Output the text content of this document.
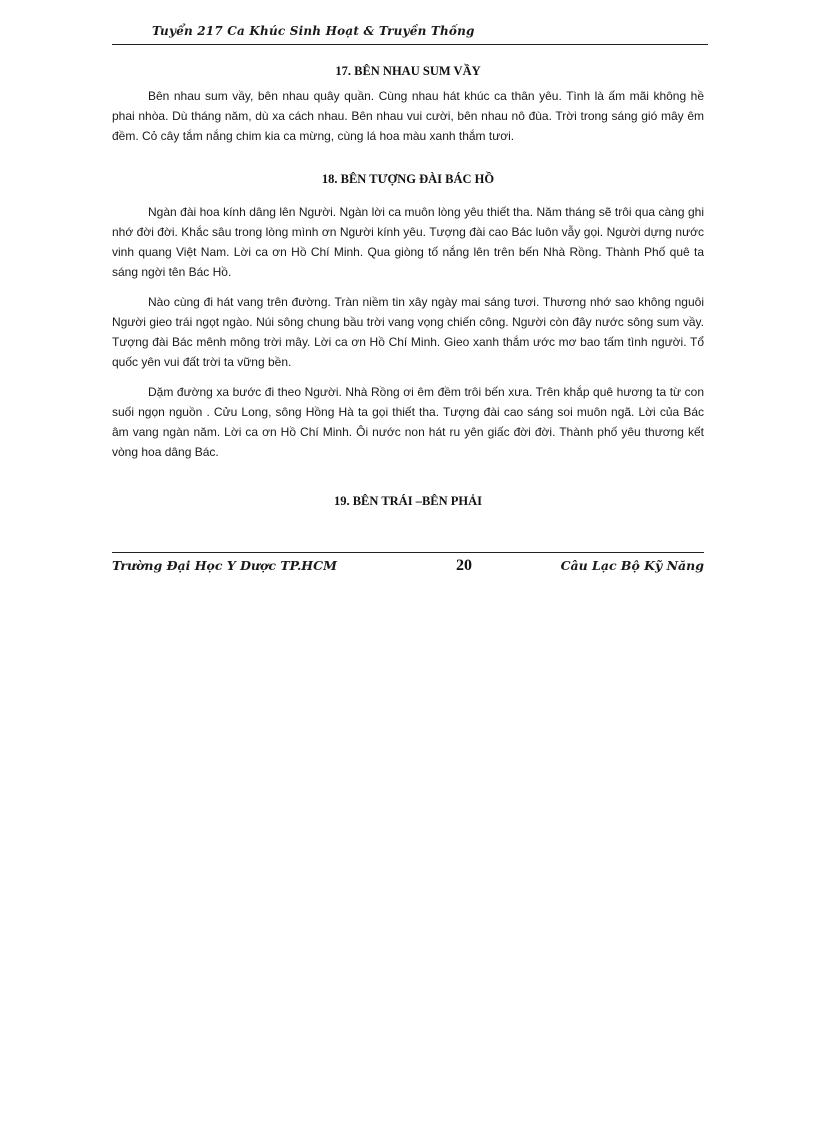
Tuyển 217 Ca Khúc Sinh Hoạt & Truyền Thống
17. BÊN NHAU SUM VẦY

Bên nhau sum vầy, bên nhau quây quần. Cùng nhau hát khúc ca thân yêu. Tình là ấm mãi không hề phai nhòa. Dù tháng năm, dù xa cách nhau. Bên nhau vui cười, bên nhau nô đùa. Trời trong sáng gió mây êm đềm. Cỏ cây tắm nắng chim kia ca mừng, cùng lá hoa màu xanh thắm tươi.

18. BÊN TƯỢNG ĐÀI BÁC HỒ

Ngàn đài hoa kính dâng lên Người. Ngàn lời ca muôn lòng yêu thiết tha. Năm tháng sẽ trôi qua càng ghi nhớ đời đời. Khắc sâu trong lòng mình ơn Người kính yêu. Tượng đài cao Bác luôn vẫy gọi. Người dựng nước vinh quang Việt Nam. Lời ca ơn Hồ Chí Minh. Qua giòng tố nắng lên trên bến Nhà Rồng. Thành Phố quê ta sáng ngời tên Bác Hồ.

Nào cùng đi hát vang trên đường. Tràn niềm tin xây ngày mai sáng tươi. Thương nhớ sao không nguôi Người gieo trái ngọt ngào. Núi sông chung bầu trời vang vọng chiến công. Người còn đây nước sông sum vầy. Tượng đài Bác mênh mông trời mây. Lời ca ơn Hồ Chí Minh. Gieo xanh thắm ước mơ bao tấm tình người. Tổ quốc yên vui đất trời ta vững bền.

Dặm đường xa bước đi theo Người. Nhà Rồng ơi êm đềm trôi bến xưa. Trên khắp quê hương ta từ con suối ngọn nguồn . Cửu Long, sông Hồng Hà ta gọi thiết tha. Tượng đài cao sáng soi muôn ngã. Lời của Bác âm vang ngàn năm. Lời ca ơn Hồ Chí Minh. Ôi nước non hát ru yên giấc đời đời. Thành phố yêu thương kết vòng hoa dâng Bác.

19. BÊN TRÁI –BÊN PHẢI
Trường Đại Học Y Dược TP.HCM	20	Câu Lạc Bộ Kỹ Năng
